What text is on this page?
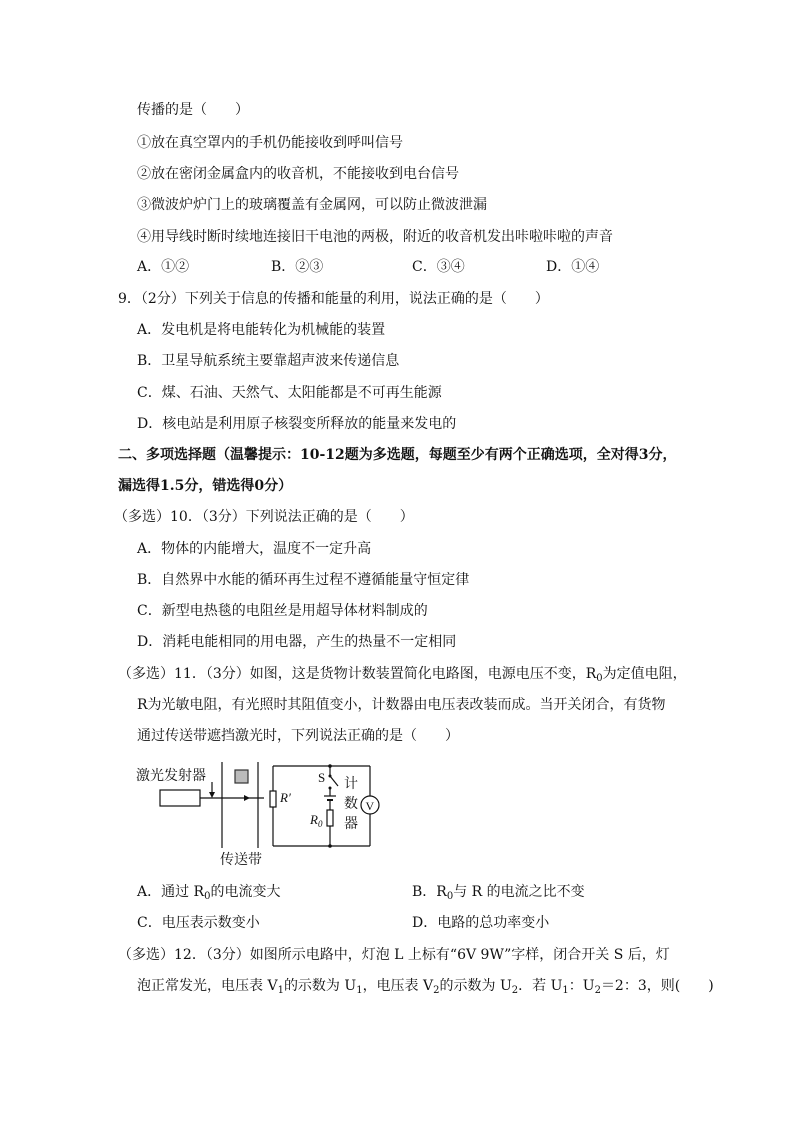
传播的是（　　）
①放在真空罩内的手机仍能接收到呼叫信号
②放在密闭金属盒内的收音机，不能接收到电台信号
③微波炉炉门上的玻璃覆盖有金属网，可以防止微波泄漏
④用导线时断时续地连接旧干电池的两极，附近的收音机发出咔啦咔啦的声音
A．①②	B．②③	C．③④	D．①④
9．（2分）下列关于信息的传播和能量的利用，说法正确的是（　　）
A．发电机是将电能转化为机械能的装置
B．卫星导航系统主要靠超声波来传递信息
C．煤、石油、天然气、太阳能都是不可再生能源
D．核电站是利用原子核裂变所释放的能量来发电的
二、多项选择题（温馨提示：10-12题为多选题，每题至少有两个正确选项，全对得3分，
漏选得1.5分，错选得0分）
（多选）10．（3分）下列说法正确的是（　　）
A．物体的内能增大，温度不一定升高
B．自然界中水能的循环再生过程不遵循能量守恒定律
C．新型电热毯的电阻丝是用超导体材料制成的
D．消耗电能相同的用电器，产生的热量不一定相同
（多选）11．（3分）如图，这是货物计数装置简化电路图，电源电压不变，$R_0$为定值电阻，
R为光敏电阻，有光照时其阻值变小，计数器由电压表改装而成。当开关闭合，有货物
通过传送带遮挡激光时，下列说法正确的是（　　）
激光发射器
传送带
R′
V
S
$R_0$
计
数
器
A．通过 $R_0$的电流变大	B．$R_0$与 R 的电流之比不变
C．电压表示数变小	D．电路的总功率变小
（多选）12．（3分）如图所示电路中，灯泡 L 上标有“6V 9W”字样，闭合开关 S 后，灯
泡正常发光，电压表 $V_1$的示数为 $U_1$，电压表 $V_2$的示数为 $U_2$．若 $U_1$：$U_2=2$：3，则(　　)
